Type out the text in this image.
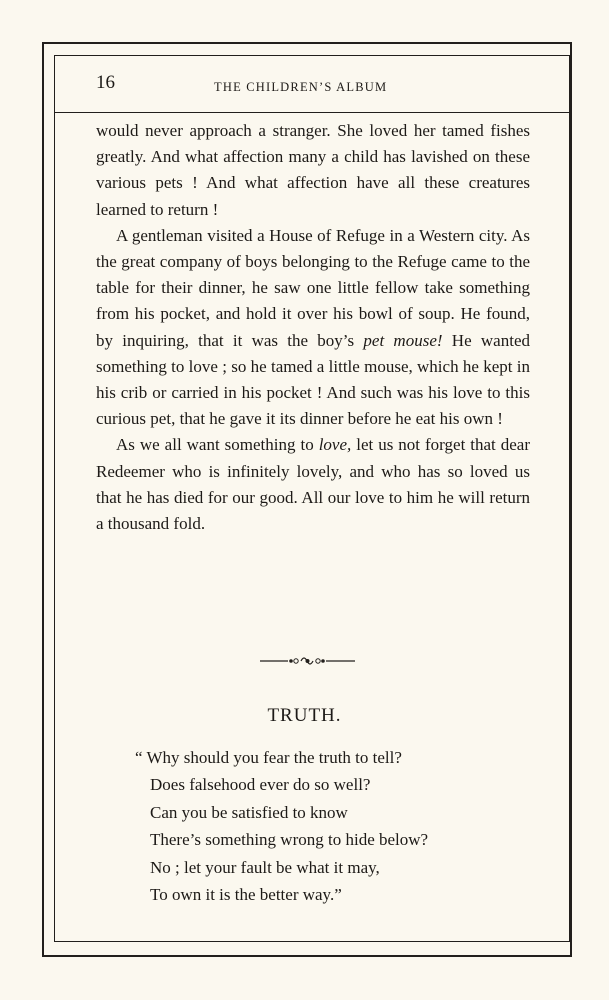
16	THE CHILDREN’S ALBUM

would never approach a stranger. She loved her tamed fishes greatly. And what affection many a child has lavished on these various pets ! And what affection have all these creatures learned to return !

A gentleman visited a House of Refuge in a Western city. As the great company of boys belonging to the Refuge came to the table for their dinner, he saw one little fellow take something from his pocket, and hold it over his bowl of soup. He found, by inquiring, that it was the boy’s pet mouse! He wanted something to love ; so he tamed a little mouse, which he kept in his crib or carried in his pocket ! And such was his love to this curious pet, that he gave it its dinner before he eat his own !

As we all want something to love, let us not forget that dear Redeemer who is infinitely lovely, and who has so loved us that he has died for our good. All our love to him he will return a thousand fold.

TRUTH.
“ Why should you fear the truth to tell?
Does falsehood ever do so well?
Can you be satisfied to know
There’s something wrong to hide below?
No ; let your fault be what it may,
To own it is the better way.”
